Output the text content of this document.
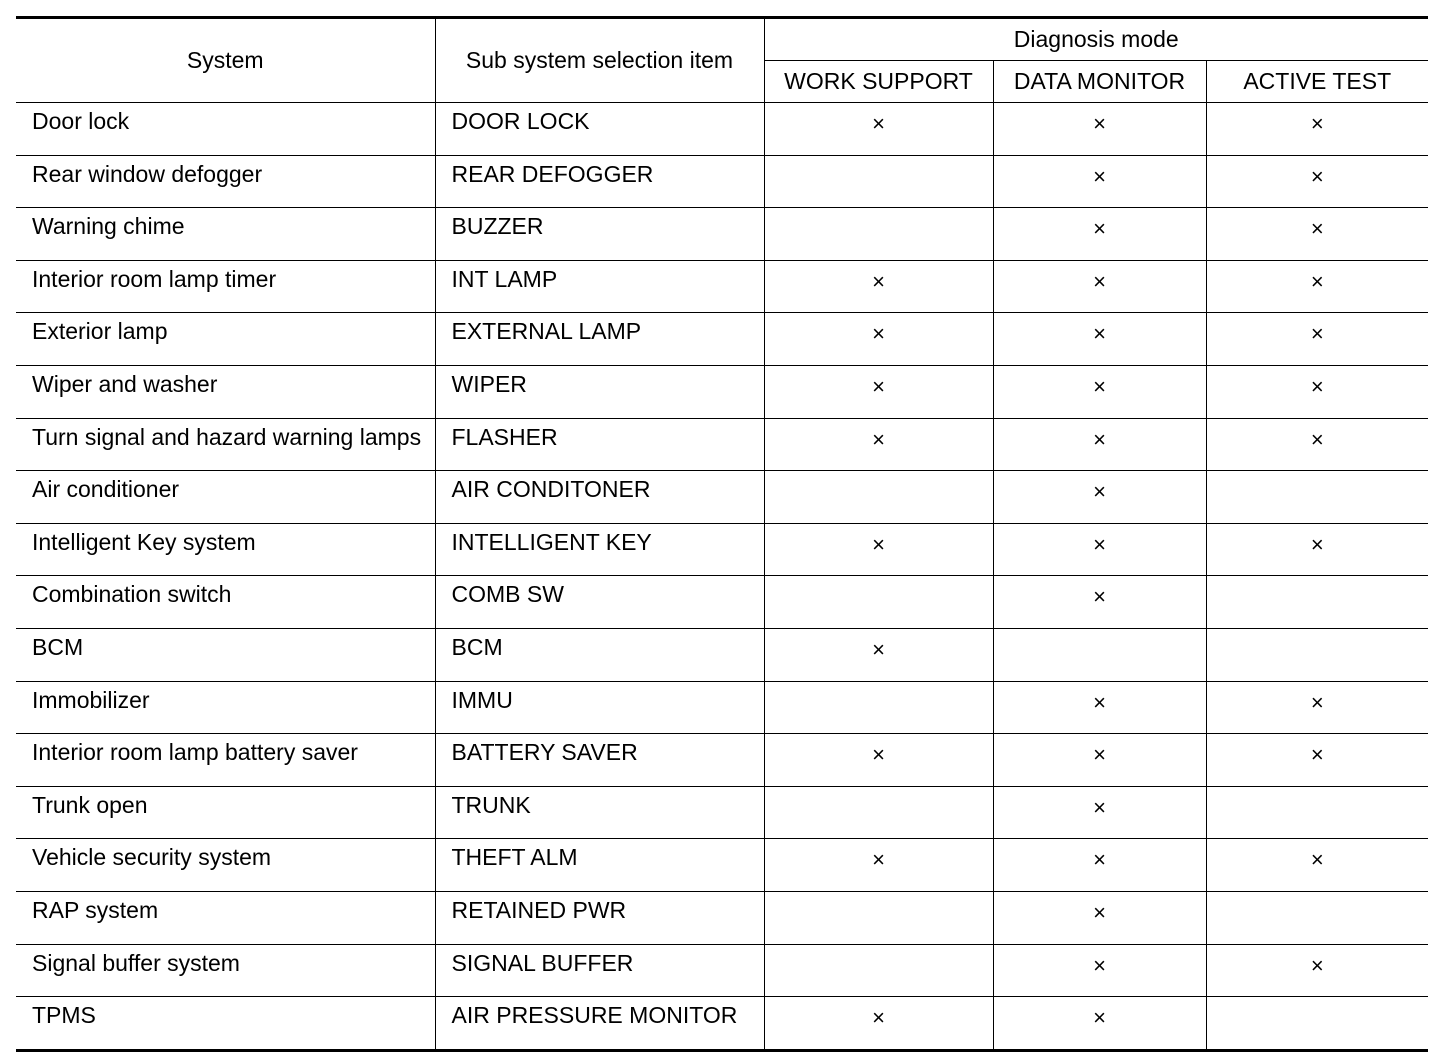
System	Sub system selection item	Diagnosis mode		
		WORK SUPPORT	DATA MONITOR	ACTIVE TEST
Door lock	DOOR LOCK	×	×	×
Rear window defogger	REAR DEFOGGER		×	×
Warning chime	BUZZER		×	×
Interior room lamp timer	INT LAMP	×	×	×
Exterior lamp	EXTERNAL LAMP	×	×	×
Wiper and washer	WIPER	×	×	×
Turn signal and hazard warning lamps	FLASHER	×	×	×
Air conditioner	AIR CONDITONER		×	
Intelligent Key system	INTELLIGENT KEY	×	×	×
Combination switch	COMB SW		×	
BCM	BCM	×		
Immobilizer	IMMU		×	×
Interior room lamp battery saver	BATTERY SAVER	×	×	×
Trunk open	TRUNK		×	
Vehicle security system	THEFT ALM	×	×	×
RAP system	RETAINED PWR		×	
Signal buffer system	SIGNAL BUFFER		×	×
TPMS	AIR PRESSURE MONITOR	×	×	
